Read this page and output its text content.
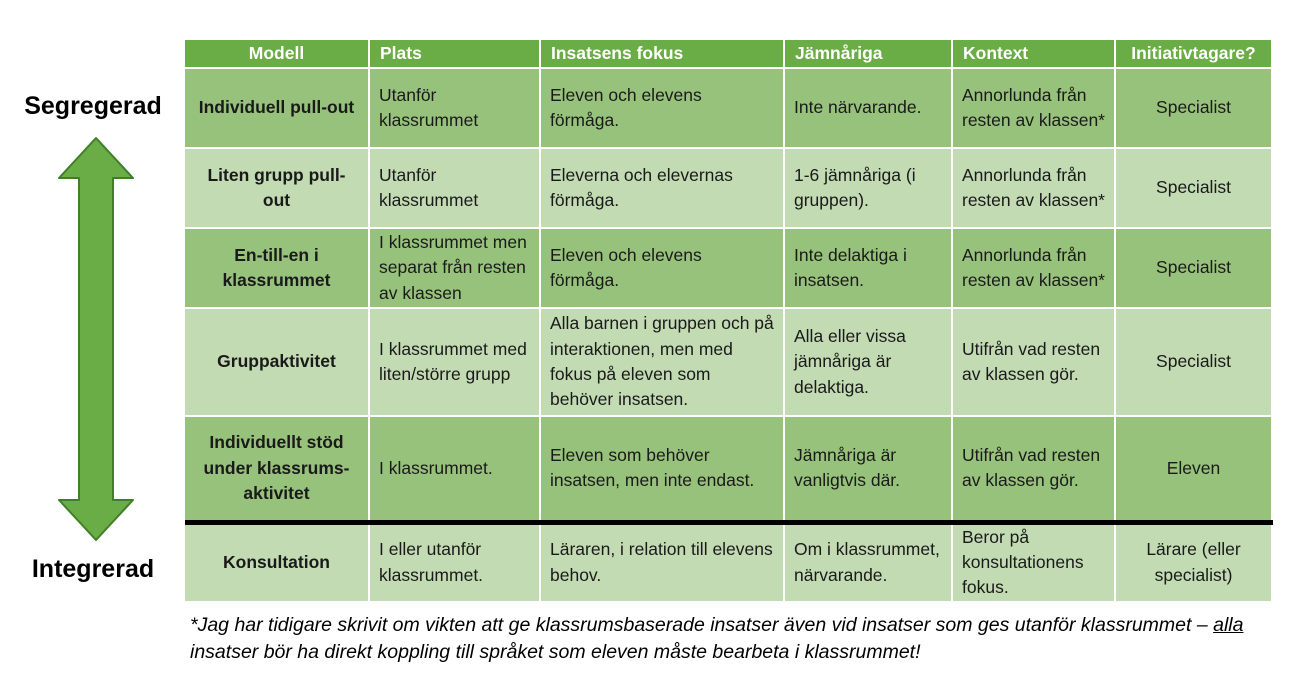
Segregerad
Integrerad
Modell	Plats	Insatsens fokus	Jämnåriga	Kontext	Initiativtagare?
Individuell pull-out	Utanför klassrummet	Eleven och elevens förmåga.	Inte närvarande.	Annorlunda från resten av klassen*	Specialist
Liten grupp pull-out	Utanför klassrummet	Eleverna och elevernas förmåga.	1-6 jämnåriga (i gruppen).	Annorlunda från resten av klassen*	Specialist
En-till-en i klassrummet	I klassrummet men separat från resten av klassen	Eleven och elevens förmåga.	Inte delaktiga i insatsen.	Annorlunda från resten av klassen*	Specialist
Gruppaktivitet	I klassrummet med liten/större grupp	Alla barnen i gruppen och på interaktionen, men med fokus på eleven som behöver insatsen.	Alla eller vissa jämnåriga är delaktiga.	Utifrån vad resten av klassen gör.	Specialist
Individuellt stöd under klassrums-aktivitet	I klassrummet.	Eleven som behöver insatsen, men inte endast.	Jämnåriga är vanligtvis där.	Utifrån vad resten av klassen gör.	Eleven
Konsultation	I eller utanför klassrummet.	Läraren, i relation till elevens behov.	Om i klassrummet, närvarande.	Beror på konsultationens fokus.	Lärare (eller specialist)
*Jag har tidigare skrivit om vikten att ge klassrumsbaserade insatser även vid insatser som ges utanför klassrummet – alla insatser bör ha direkt koppling till språket som eleven måste bearbeta i klassrummet!
